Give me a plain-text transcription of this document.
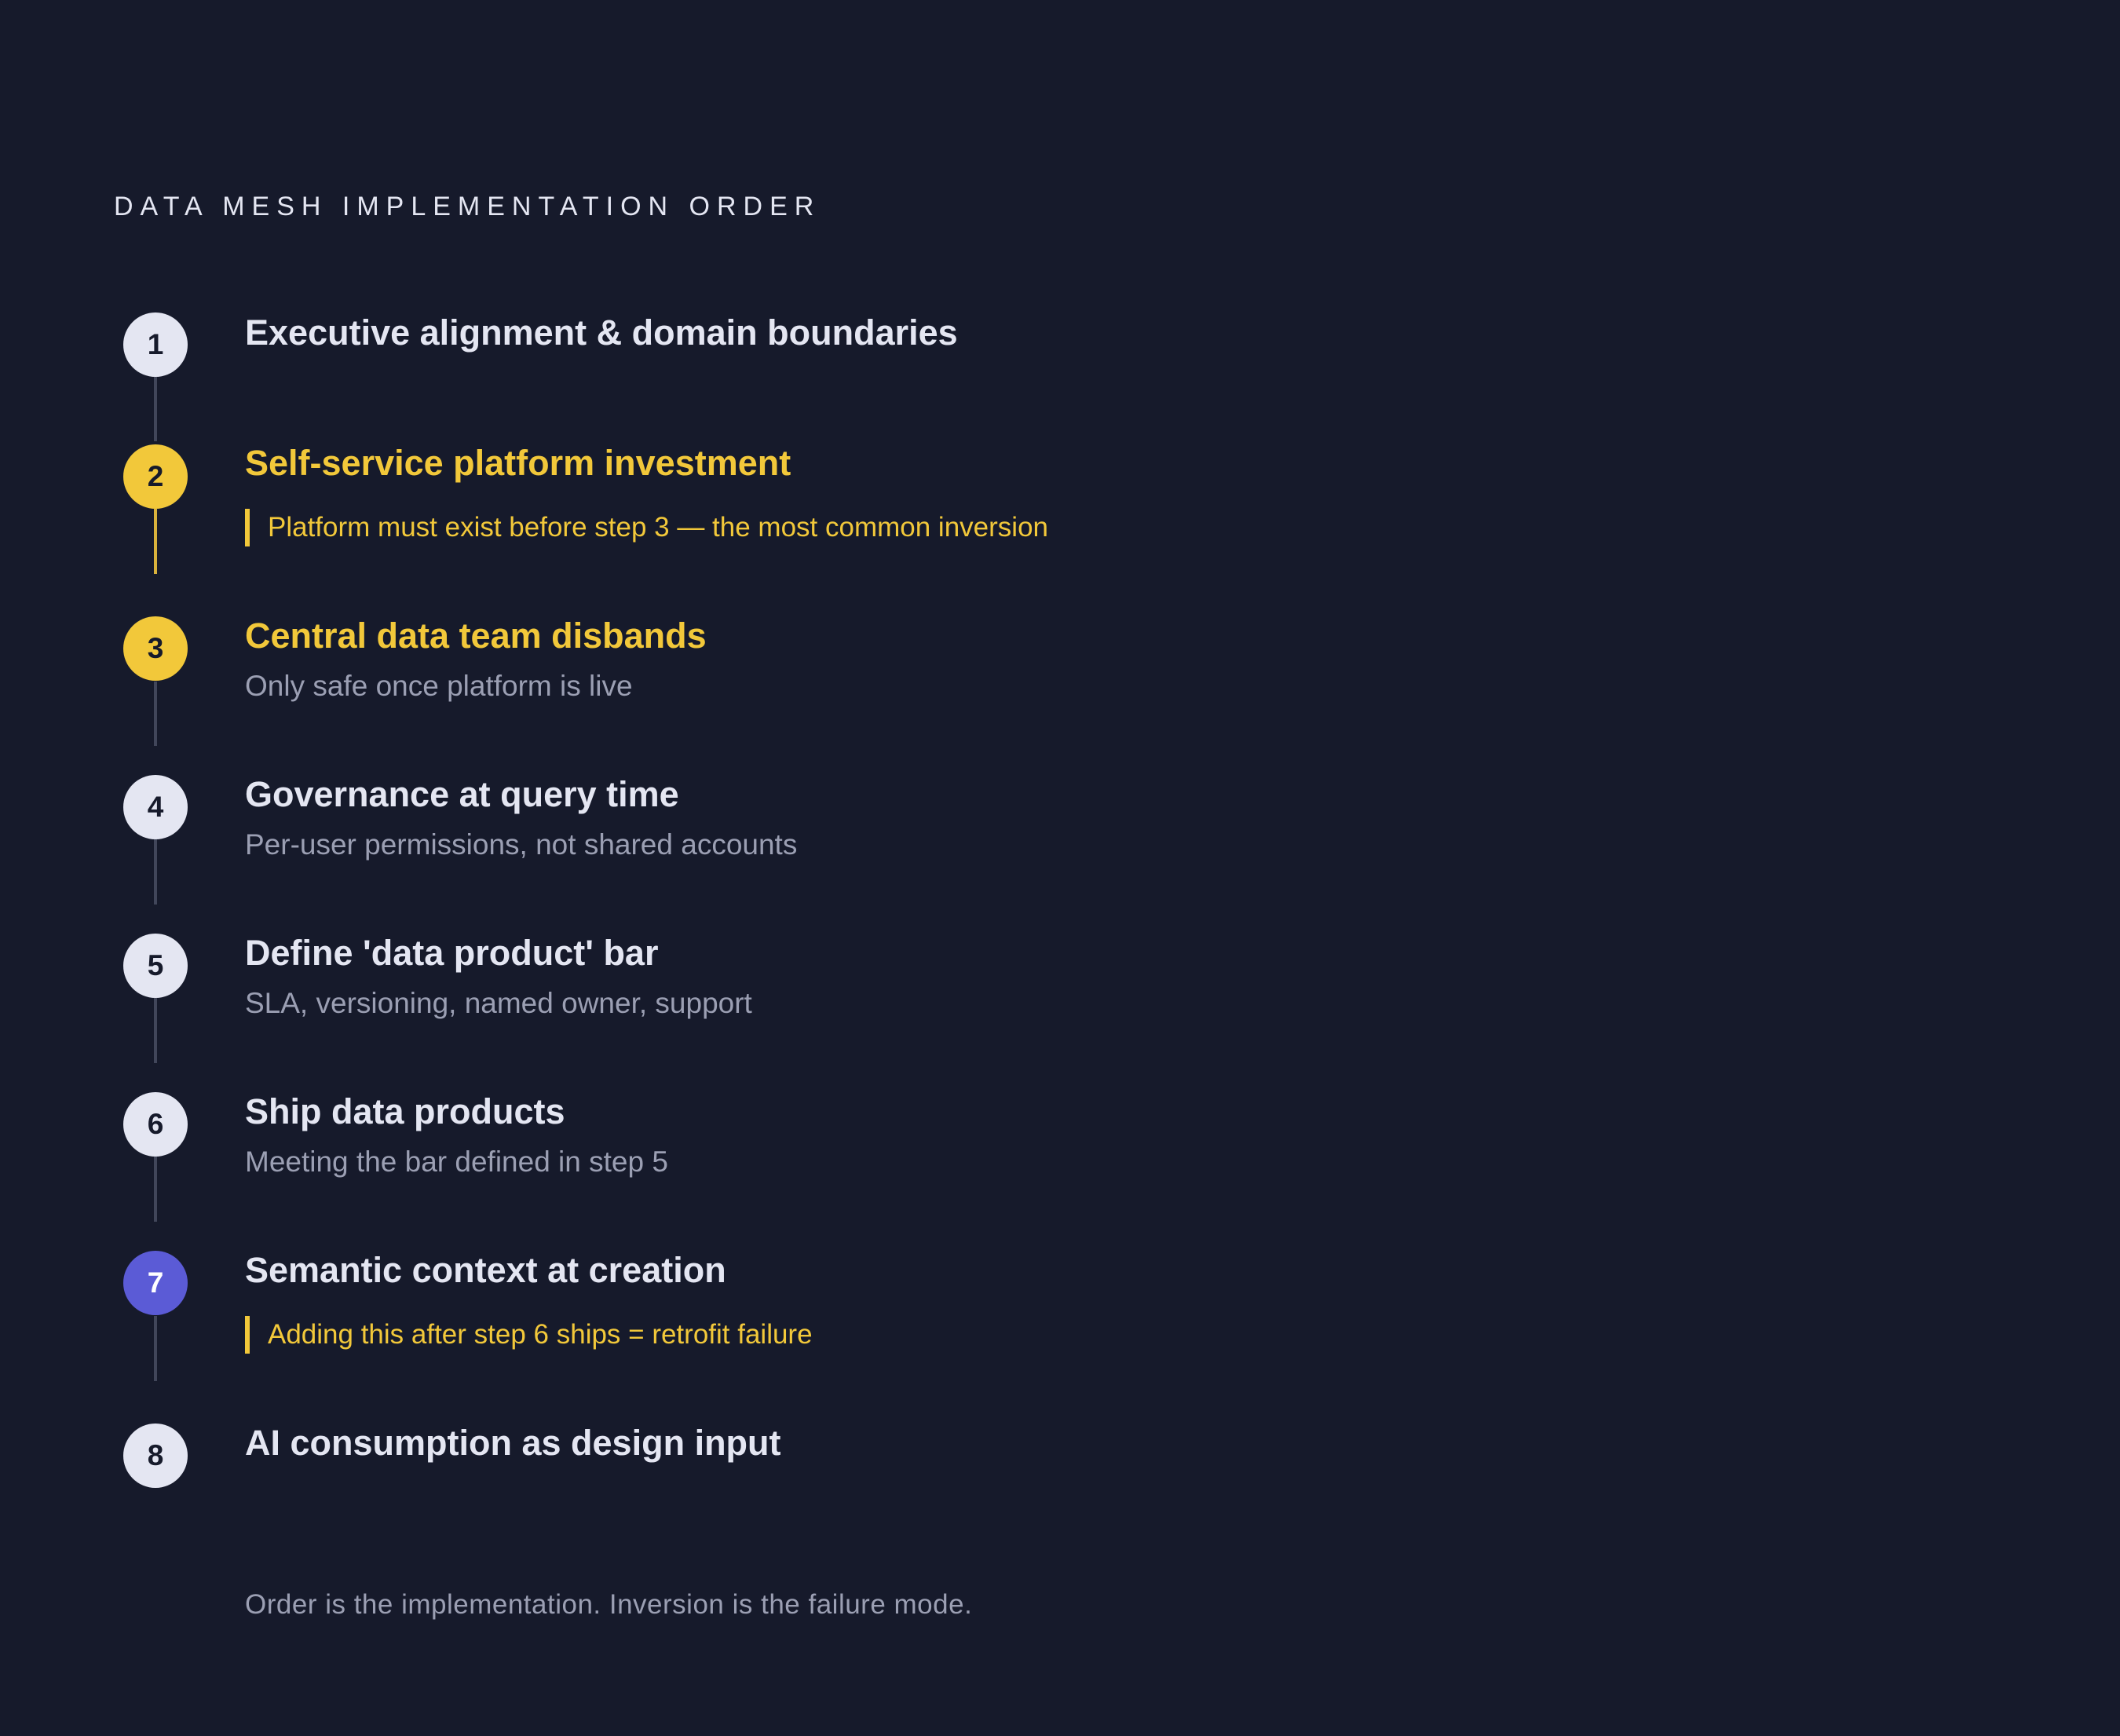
DATA MESH IMPLEMENTATION ORDER
1	Executive alignment & domain boundaries
2	Self-service platform investment
Platform must exist before step 3 — the most common inversion
3	Central data team disbands
Only safe once platform is live
4	Governance at query time
Per-user permissions, not shared accounts
5	Define 'data product' bar
SLA, versioning, named owner, support
6	Ship data products
Meeting the bar defined in step 5
7	Semantic context at creation
Adding this after step 6 ships = retrofit failure
8	AI consumption as design input
Order is the implementation. Inversion is the failure mode.
